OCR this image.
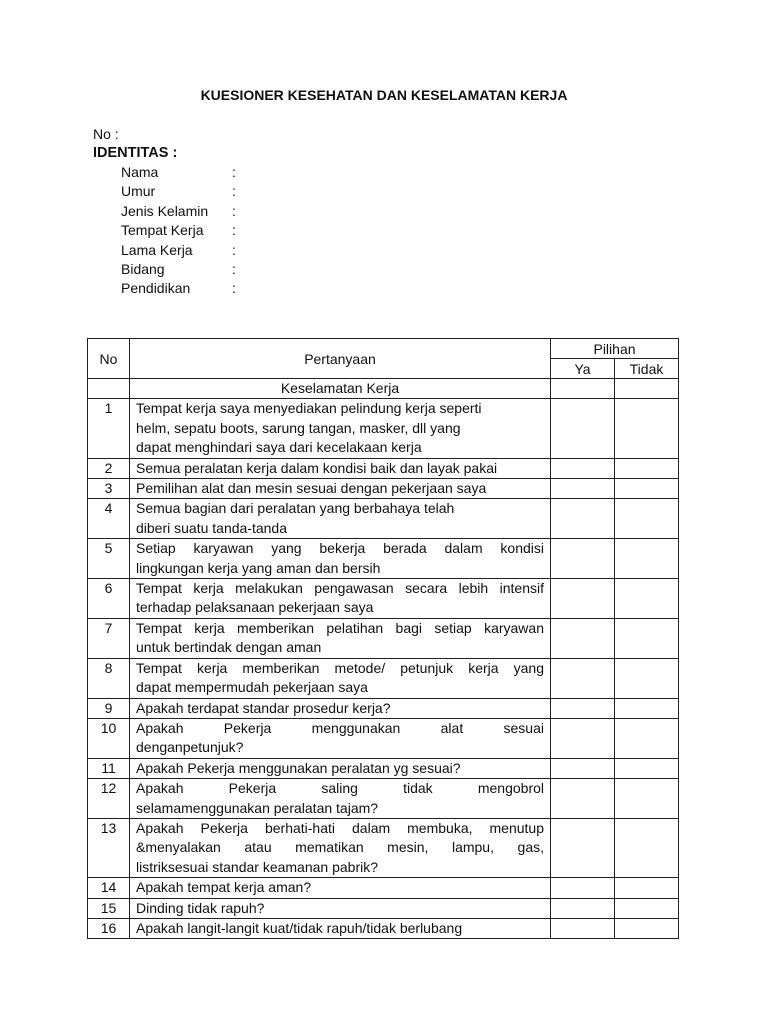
KUESIONER KESEHATAN DAN KESELAMATAN KERJA
No :
IDENTITAS :
Nama	:
Umur	:
Jenis Kelamin :
Tempat Kerja :
Lama Kerja	:
Bidang	:
Pendidikan	:
No	Pertanyaan	Pilihan	
		Ya	Tidak
	Keselamatan Kerja		
1	Tempat kerja saya menyediakan pelindung kerja seperti
helm, sepatu boots, sarung tangan, masker, dll yang
dapat menghindari saya dari kecelakaan kerja		

2	Semua peralatan kerja dalam kondisi baik dan layak pakai		

3	Pemilihan alat dan mesin sesuai dengan pekerjaan saya		

4	Semua bagian dari peralatan yang berbahaya telah
diberi suatu tanda-tanda		

5	Setiap karyawan yang bekerja berada dalam kondisi
lingkungan kerja yang aman dan bersih		

6	Tempat kerja melakukan pengawasan secara lebih intensif
terhadap pelaksanaan pekerjaan saya		

7	Tempat kerja memberikan pelatihan bagi setiap karyawan
untuk bertindak dengan aman		

8	Tempat kerja memberikan metode/ petunjuk kerja yang
dapat mempermudah pekerjaan saya		

9	Apakah terdapat standar prosedur kerja?		

10	Apakah Pekerja menggunakan alat sesuai
denganpetunjuk?		

11	Apakah Pekerja menggunakan peralatan yg sesuai?		

12	Apakah Pekerja saling tidak mengobrol
selamamenggunakan peralatan tajam?		

13	Apakah Pekerja berhati-hati dalam membuka, menutup
&menyalakan atau mematikan mesin, lampu, gas,
listriksesuai standar keamanan pabrik?		

14	Apakah tempat kerja aman?		

15	Dinding tidak rapuh?		

16	Apakah langit-langit kuat/tidak rapuh/tidak berlubang		
